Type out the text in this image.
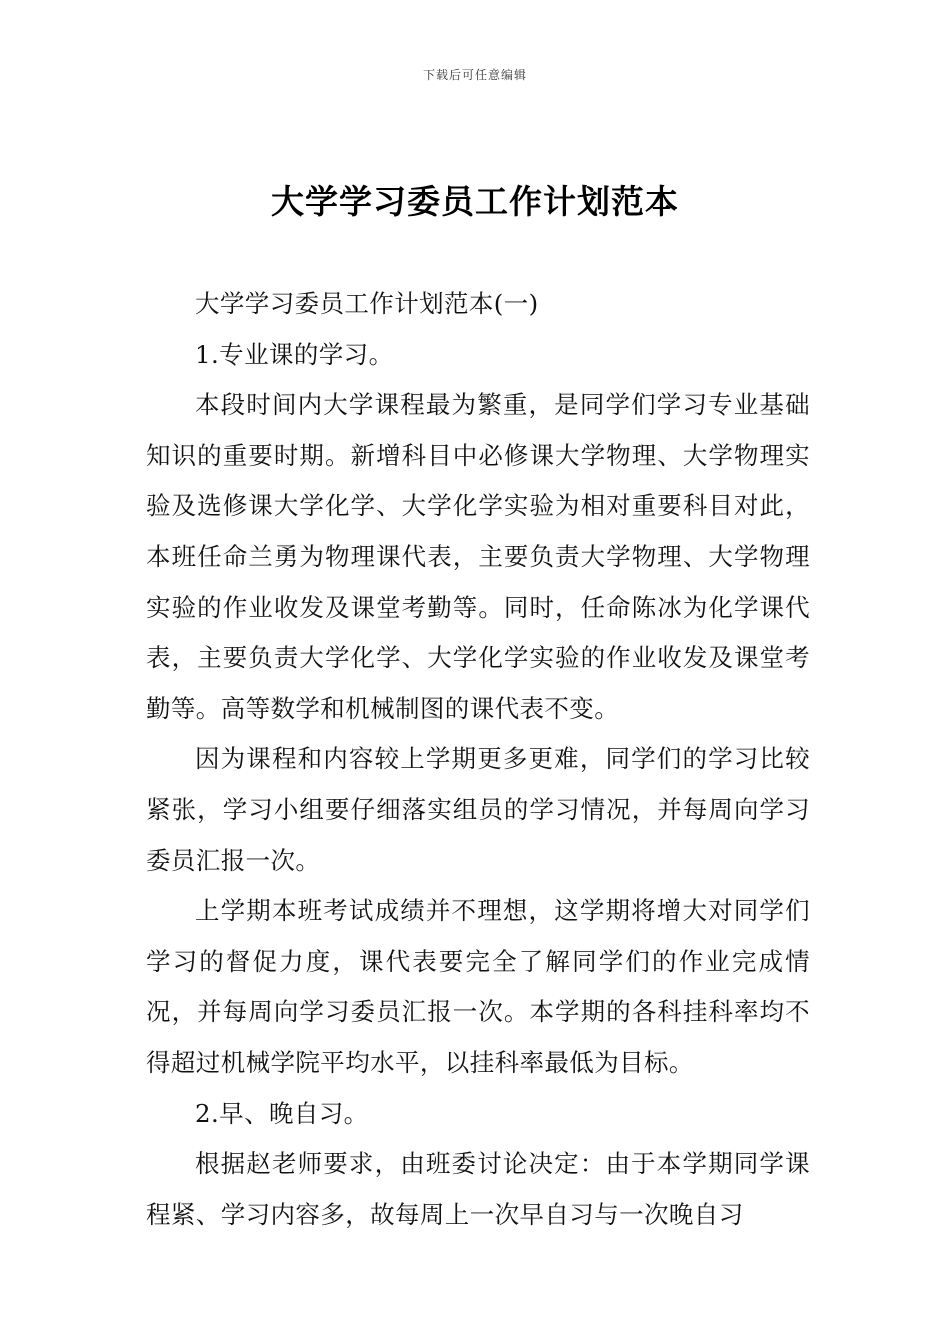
下载后可任意编辑
大学学习委员工作计划范本

大学学习委员工作计划范本(一)

1.专业课的学习。

本段时间内大学课程最为繁重，是同学们学习专业基础知识的重要时期。新增科目中必修课大学物理、大学物理实验及选修课大学化学、大学化学实验为相对重要科目对此，本班任命兰勇为物理课代表，主要负责大学物理、大学物理实验的作业收发及课堂考勤等。同时，任命陈冰为化学课代表，主要负责大学化学、大学化学实验的作业收发及课堂考勤等。高等数学和机械制图的课代表不变。

因为课程和内容较上学期更多更难，同学们的学习比较紧张，学习小组要仔细落实组员的学习情况，并每周向学习委员汇报一次。

上学期本班考试成绩并不理想，这学期将增大对同学们学习的督促力度，课代表要完全了解同学们的作业完成情况，并每周向学习委员汇报一次。本学期的各科挂科率均不得超过机械学院平均水平，以挂科率最低为目标。

2.早、晚自习。

根据赵老师要求，由班委讨论决定：由于本学期同学课程紧、学习内容多，故每周上一次早自习与一次晚自习
